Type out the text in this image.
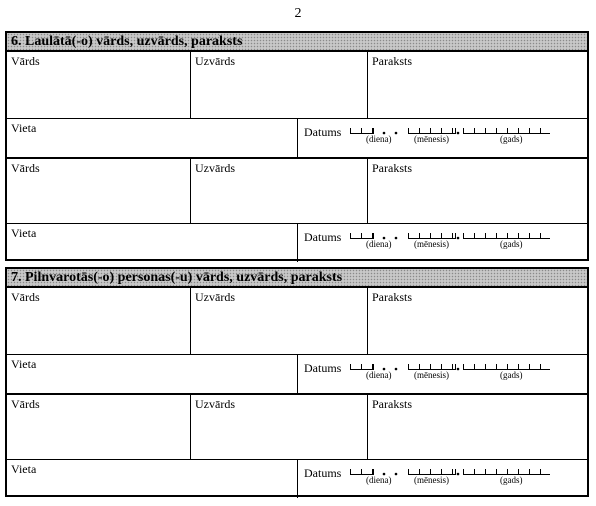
2
6. Laulātā(-o) vārds, uzvārds, paraksts
Vārds	Uzvārds	Paraksts
Vieta	Datums	(diena)	(mēnesis)	(gads)
Vārds	Uzvārds	Paraksts
Vieta	Datums	(diena)	(mēnesis)	(gads)
7. Pilnvarotās(-o) personas(-u) vārds, uzvārds, paraksts
Vārds	Uzvārds	Paraksts
Vieta	Datums	(diena)	(mēnesis)	(gads)
Vārds	Uzvārds	Paraksts
Vieta	Datums	(diena)	(mēnesis)	(gads)
